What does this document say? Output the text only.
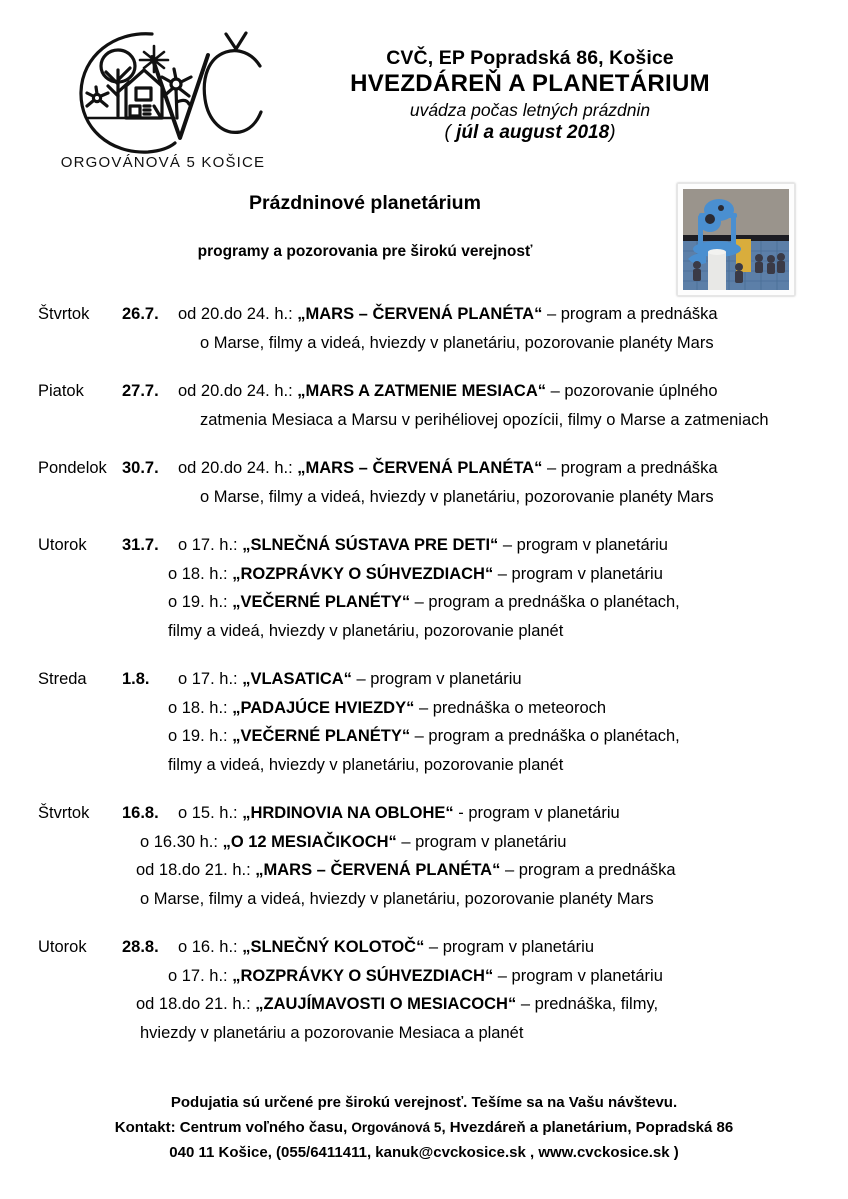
ORGOVÁNOVÁ 5 KOŠICE
CVČ, EP Popradská 86, Košice
HVEZDÁREŇ A PLANETÁRIUM
uvádza počas letných prázdnin
( júl a august 2018)
Prázdninové planetárium
programy a pozorovania pre širokú verejnosť
Štvrtok	26.7.	od 20.do 24. h.: „MARS – ČERVENÁ PLANÉTA“ – program a prednáška
o Marse, filmy a videá, hviezdy v planetáriu, pozorovanie planéty Mars
Piatok	27.7.	od 20.do 24. h.: „MARS A ZATMENIE MESIACA“ – pozorovanie úplného
zatmenia Mesiaca a Marsu v perihéliovej opozícii, filmy o Marse a zatmeniach
Pondelok 30.7.	od 20.do 24. h.: „MARS – ČERVENÁ PLANÉTA“ – program a prednáška
o Marse, filmy a videá, hviezdy v planetáriu, pozorovanie planéty Mars
Utorok	31.7.	o 17. h.: „SLNEČNÁ SÚSTAVA PRE DETI“ – program v planetáriu
o 18. h.: „ROZPRÁVKY O SÚHVEZDIACH“ – program v planetáriu
o 19. h.: „VEČERNÉ PLANÉTY“ – program a prednáška o planétach,
filmy a videá, hviezdy v planetáriu, pozorovanie planét
Streda	1.8.	o 17. h.: „VLASATICA“ – program v planetáriu
o 18. h.: „PADAJÚCE HVIEZDY“ – prednáška o meteoroch
o 19. h.: „VEČERNÉ PLANÉTY“ – program a prednáška o planétach,
filmy a videá, hviezdy v planetáriu, pozorovanie planét
Štvrtok	16.8.	o 15. h.: „HRDINOVIA NA OBLOHE“ - program v planetáriu
o 16.30 h.: „O 12 MESIAČIKOCH“ – program v planetáriu
od 18.do 21. h.: „MARS – ČERVENÁ PLANÉTA“ – program a prednáška
o Marse, filmy a videá, hviezdy v planetáriu, pozorovanie planéty Mars
Utorok	28.8.	o 16. h.: „SLNEČNÝ KOLOTOČ“ – program v planetáriu
o 17. h.: „ROZPRÁVKY O SÚHVEZDIACH“ – program v planetáriu
od 18.do 21. h.: „ZAUJÍMAVOSTI O MESIACOCH“ – prednáška, filmy,
hviezdy v planetáriu a pozorovanie Mesiaca a planét
Podujatia sú určené pre širokú verejnosť. Tešíme sa na Vašu návštevu.
Kontakt: Centrum voľného času, Orgovánová 5, Hvezdáreň a planetárium, Popradská 86
040 11 Košice, (055/6411411, kanuk@cvckosice.sk , www.cvckosice.sk )
